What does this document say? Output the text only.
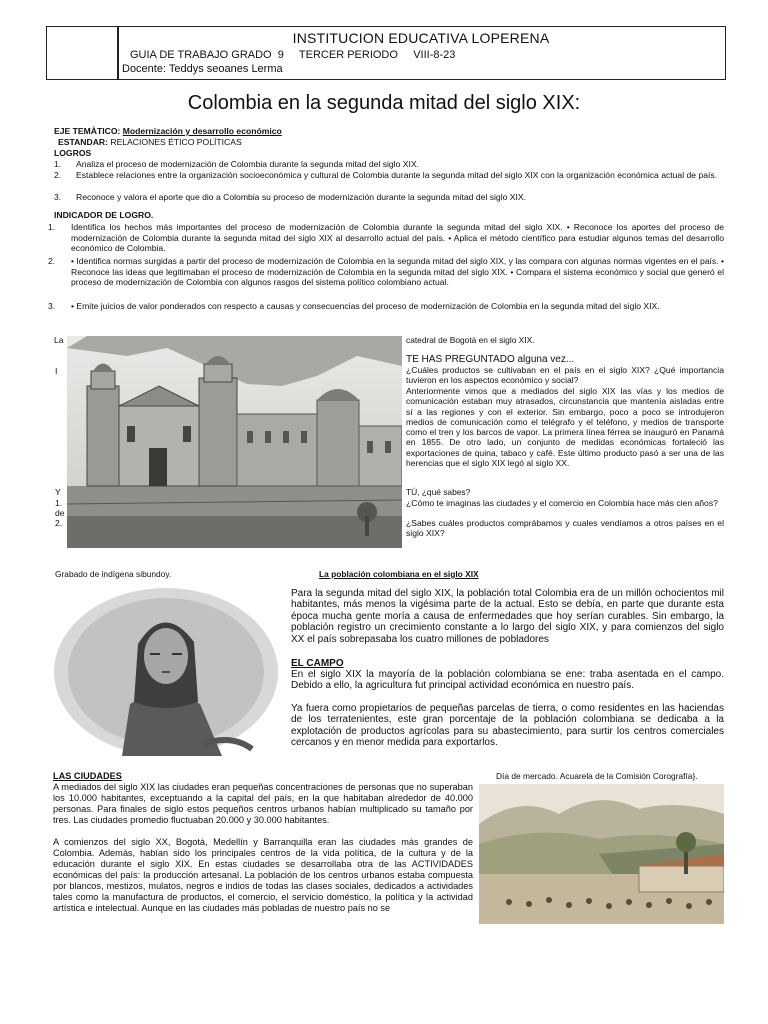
INSTITUCION EDUCATIVA LOPERENA
GUIA DE TRABAJO GRADO  9     TERCER PERIODO     VIII-8-23
Docente: Teddys seoanes Lerma
Colombia en la segunda mitad del siglo XIX:
EJE TEMÀTICO: Modernización y desarrollo económico
ESTANDAR: RELACIONES ÉTICO POLÍTICAS
LOGROS
1. Analiza el proceso de modernización de Colombia durante la segunda mitad del siglo XIX.
2. Establece relaciones entre la organización socioeconómica y cultural de Colombia durante la segunda mitad del siglo XIX con la organización económica actual de país.
3. Reconoce y valora el aporte que dio a Colombia su proceso de modernización durante la segunda mitad del siglo XIX.
INDICADOR DE LOGRO.
1. Identifica los hechos más importantes del proceso de modernización de Colombia durante la segunda mitad del siglo XIX. • Reconoce los aportes del proceso de modernización de Colombia durante la segunda mitad del siglo XIX al desarrollo actual del país. • Aplica el método científico para estudiar algunos temas del desarrollo económico de Colombia.
2. • Identifica normas surgidas a partir del proceso de modernización de Colombia en la segunda mitad del siglo XIX, y las compara con algunas normas vigentes en el país. • Reconoce las ideas que legitimaban el proceso de modernización de Colombia en la segunda mitad del siglo XIX. • Compara el sistema económico y social que generó el proceso de modernización de Colombia con algunos rasgos del sistema político colombiano actual.
3. • Emite juicios de valor ponderados con respecto a causas y consecuencias del proceso de modernización de Colombia en la segunda mitad del siglo XIX.
La
I
Y
1.
de
2.
catedral de Bogotá en el siglo XIX.
TE HAS PREGUNTADO alguna vez...
¿Cuáles productos se cultivaban en el país en el siglo XIX? ¿Qué importancia tuvieron en los aspectos económico y social?
Anteriormente vimos que a mediados del siglo XIX las vías y los medios de comunicación estaban muy atrasados, circunstancia que mantenía aisladas entre sí a las regiones y con el exterior. Sin embargo, poco a poco se introdujeron medios de comunicación como el telégrafo y el teléfono, y medios de transporte como el tren y los barcos de vapor. La primera línea férrea se inauguró en Panamá en 1855. De otro lado, un conjunto de medidas económicas fortaleció las exportaciones de quina, tabaco y café. Este último producto pasó a ser una de las herencias que el siglo XIX legó al siglo XX.
TÚ, ¿qué sabes?
¿Cómo te imaginas las ciudades y el comercio en Colombia hace más cien años?
¿Sabes cuáles productos comprábamos y cuales vendíamos a otros países en el siglo XIX?
Grabado de indígena sibundoy.	La población colombiana en el siglo XIX
Para la segunda mitad del siglo XIX, la población total Colombia era de un millón ochocientos mil habitantes, más menos la vigésima parte de la actual. Esto se debía, en parte que durante esta época mucha gente moría a causa de enfermedades que hoy serían curables. Sin embargo, la población registro un crecimiento constante a lo largo del siglo XIX, y para comienzos del siglo XX el país sobrepasaba los cuatro millones de pobladores
EL CAMPO
En el siglo XIX la mayoría de la población colombiana se ene: traba asentada en el campo. Debido a ello, la agricultura fut principal actividad económica en nuestro país.
Ya fuera como propietarios de pequeñas parcelas de tierra, o como residentes en las haciendas de los terratenientes, este gran porcentaje de la población colombiana se dedicaba a la explotación de productos agrícolas para su abastecimiento, para surtir los centros comerciales cercanos y en menor medida para exportarlos.
LAS CIUDADES	Día de mercado. Acuarela de la Comisión Corografía}.
A mediados del siglo XIX las ciudades eran pequeñas concentraciones de personas que no superaban los 10.000 habitantes, exceptuando a la capital del país, en la que habitaban alrededor de 40.000 personas. Para finales de siglo estos pequeños centros urbanos habían multiplicado su tamaño por tres. Las ciudades promedio fluctuaban 20.000 y 30.000 habitantes.
A comienzos del siglo XX, Bogotá, Medellín y Barranquilla eran las ciudades más grandes de Colombia. Además, habían sido los principales centros de la vida política, de la cultura y de la educación durante el siglo XIX. En estas ciudades se desarrollaba otra de las ACTIVIDADES económicas del país: la producción artesanal. La población de los centros urbanos estaba compuesta por blancos, mestizos, mulatos, negros e indios de todas las clases sociales, dedicados a actividades tales como la manufactura de productos, el comercio, el servicio doméstico, la política y la actividad artística e intelectual. Aunque en las ciudades más pobladas de nuestro país no se
